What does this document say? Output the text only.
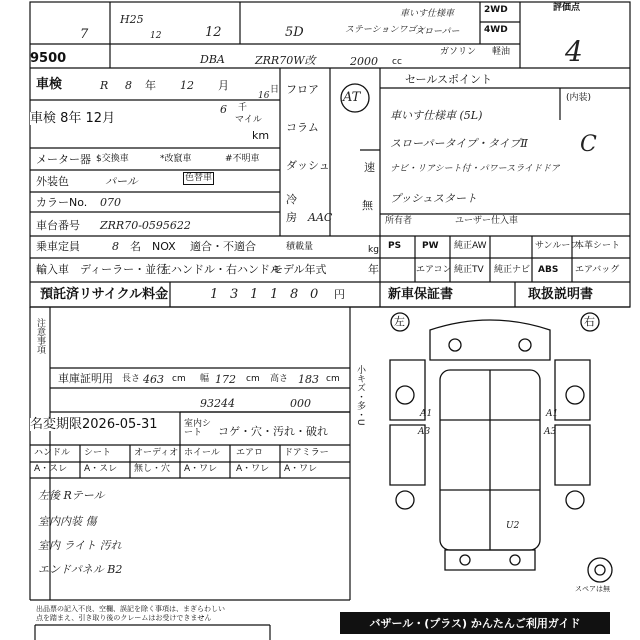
9500
7
H25
12	12	5D
車いす仕様車
ステーションワゴン
スローパー
2WD
4WD
評価点
4
ガソリン 軽油
DBA	ZRR70W改	2000 cc
車検	R 8 年 12 月
16
日
車検 8年 12月
フロア
コラム
AT
ダッシュ	速
冷
房
無
AAC
メーター器 $交換車	*改竄車	#不明車
マイル
km
6 千
外装色	パール	色替車
カラーNo. 070
車台番号 ZRR70-0595622
セールスポイント
(内装)
C
車いす仕様車 (5L)
スローパータイプ・タイプⅡ
ナビ・リアシート付・パワースライドドア
プッシュスタート
所有者	ユーザー仕入車
乗車定員	8 名 NOX 適合・不適合	積載量	kg
輸入車 ディーラー・並行
左ハンドル・右ハンドル
モデル年式	年
PS PW 純正AW	サンルーフ
本革シート
エアコン 純正TV 純正ナビ ABS エアバッグ
預託済リサイクル料金	1 3 1 1 8 0 円	新車保証書	取扱説明書
注意事項
車庫証明用 長さ 463 cm 幅 172 cm 高さ 183 cm
93244	000
名変期限2026-05-31	室内シート	コゲ・穴・汚れ・破れ
ハンドル シート	オーディオ ホイール エアロ ドアミラー
A・スレ A・スレ 無し・穴 A・ワレ A・ワレ A・ワレ
左後 Rテール
室内内装 傷
室内 ライト 汚れ
エンドパネル B2
左	右
小キズ・多・U	A1
A3
A1
A3
U2
スペアは無
出品票の記入不良、空欄、誤記を除く事項は、まぎらわしい
点を踏まえ、引き取り後のクレームはお受けできません	バザール・(プラス) かんたんご利用ガイド
